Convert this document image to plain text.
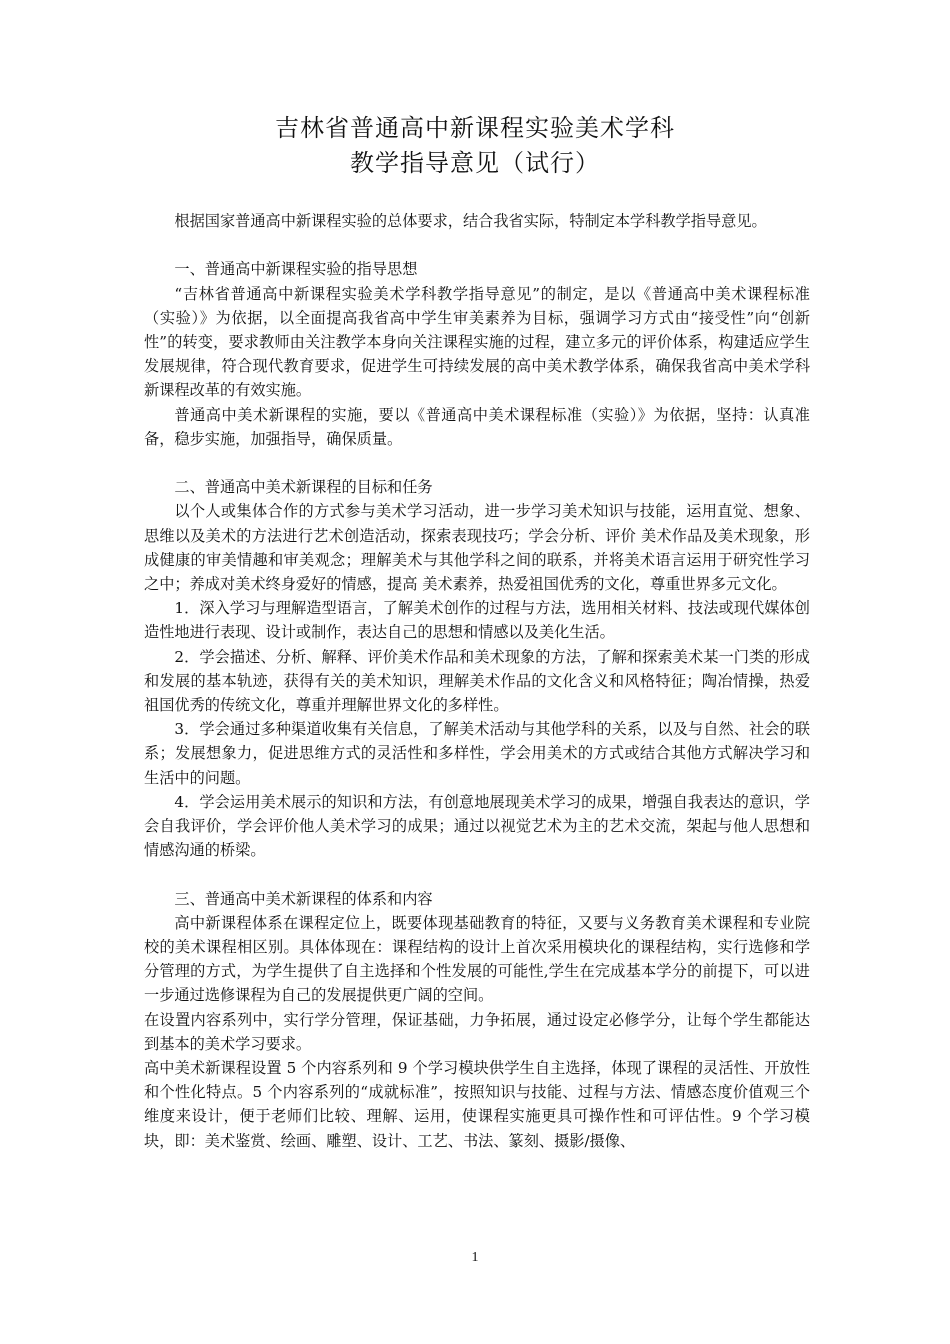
吉林省普通高中新课程实验美术学科
教学指导意见（试行）

根据国家普通高中新课程实验的总体要求，结合我省实际，特制定本学科教学指导意见。

一、普通高中新课程实验的指导思想

“吉林省普通高中新课程实验美术学科教学指导意见”的制定，是以《普通高中美术课程标准（实验）》为依据，以全面提高我省高中学生审美素养为目标，强调学习方式由“接受性”向“创新性”的转变，要求教师由关注教学本身向关注课程实施的过程，建立多元的评价体系，构建适应学生发展规律，符合现代教育要求，促进学生可持续发展的高中美术教学体系，确保我省高中美术学科新课程改革的有效实施。

普通高中美术新课程的实施，要以《普通高中美术课程标准（实验）》为依据，坚持：认真准备，稳步实施，加强指导，确保质量。

二、普通高中美术新课程的目标和任务

以个人或集体合作的方式参与美术学习活动，进一步学习美术知识与技能，运用直觉、想象、思维以及美术的方法进行艺术创造活动，探索表现技巧；学会分析、评价 美术作品及美术现象，形成健康的审美情趣和审美观念；理解美术与其他学科之间的联系，并将美术语言运用于研究性学习之中；养成对美术终身爱好的情感，提高 美术素养，热爱祖国优秀的文化，尊重世界多元文化。

1．深入学习与理解造型语言，了解美术创作的过程与方法，选用相关材料、技法或现代媒体创造性地进行表现、设计或制作，表达自己的思想和情感以及美化生活。

2．学会描述、分析、解释、评价美术作品和美术现象的方法，了解和探索美术某一门类的形成和发展的基本轨迹，获得有关的美术知识，理解美术作品的文化含义和风格特征；陶冶情操，热爱祖国优秀的传统文化，尊重并理解世界文化的多样性。

3．学会通过多种渠道收集有关信息，了解美术活动与其他学科的关系，以及与自然、社会的联系；发展想象力，促进思维方式的灵活性和多样性，学会用美术的方式或结合其他方式解决学习和生活中的问题。

4．学会运用美术展示的知识和方法，有创意地展现美术学习的成果，增强自我表达的意识，学会自我评价，学会评价他人美术学习的成果；通过以视觉艺术为主的艺术交流，架起与他人思想和情感沟通的桥梁。

三、普通高中美术新课程的体系和内容

高中新课程体系在课程定位上，既要体现基础教育的特征，又要与义务教育美术课程和专业院校的美术课程相区别。具体体现在：课程结构的设计上首次采用模块化的课程结构，实行选修和学分管理的方式，为学生提供了自主选择和个性发展的可能性,学生在完成基本学分的前提下，可以进一步通过选修课程为自己的发展提供更广阔的空间。

在设置内容系列中，实行学分管理，保证基础，力争拓展，通过设定必修学分，让每个学生都能达到基本的美术学习要求。

高中美术新课程设置 5 个内容系列和 9 个学习模块供学生自主选择，体现了课程的灵活性、开放性和个性化特点。5 个内容系列的“成就标准”，按照知识与技能、过程与方法、情感态度价值观三个维度来设计，便于老师们比较、理解、运用，使课程实施更具可操作性和可评估性。9 个学习模块，即：美术鉴赏、绘画、雕塑、设计、工艺、书法、篆刻、摄影/摄像、

1
